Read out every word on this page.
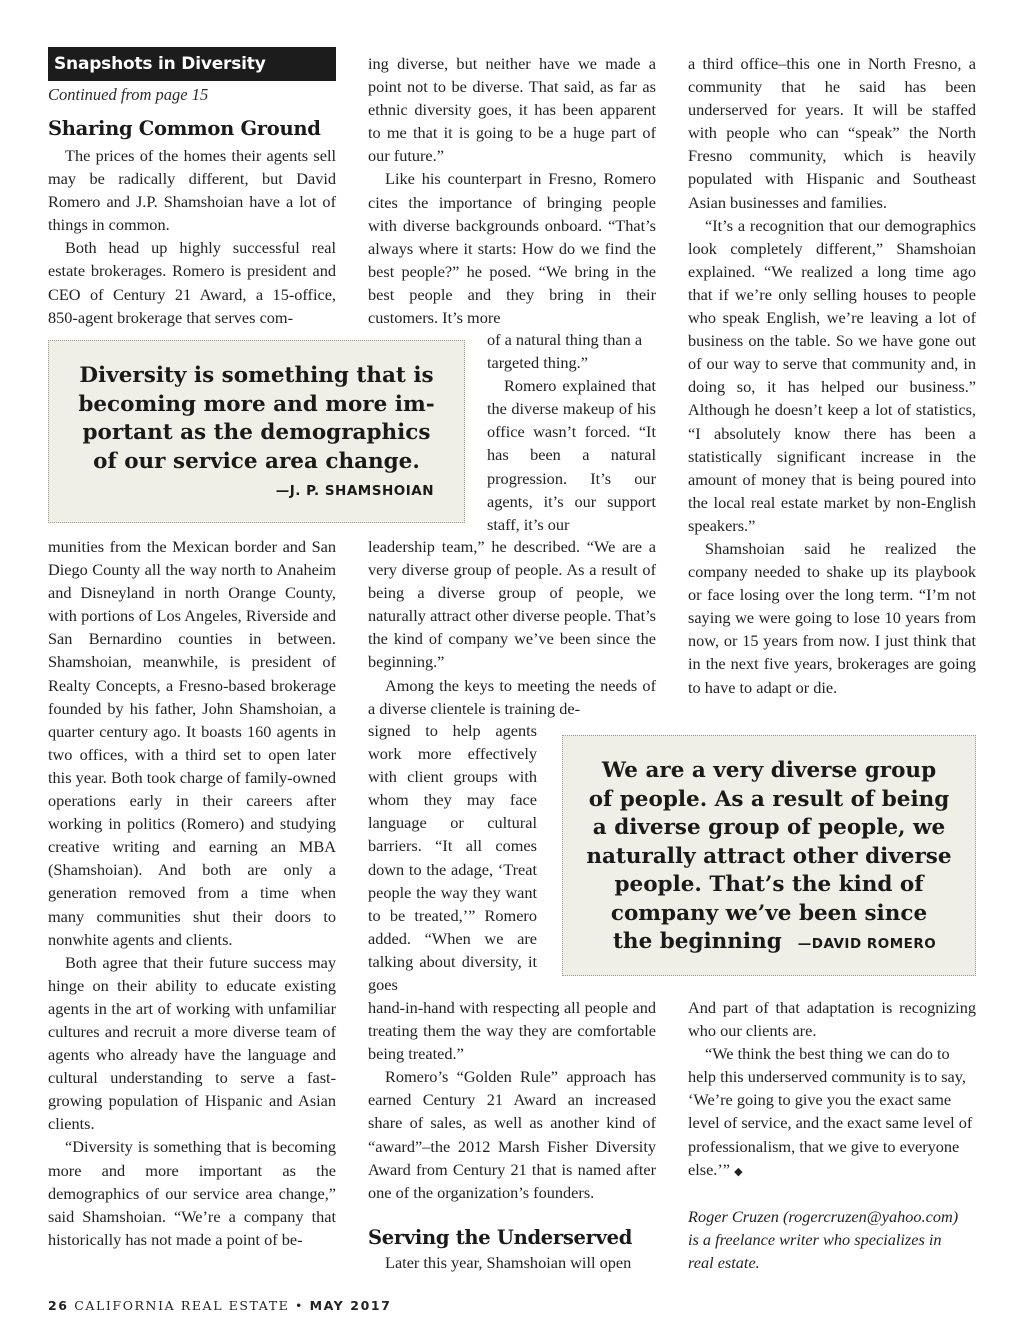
Snapshots in Diversity
Continued from page 15
Sharing Common Ground

The prices of the homes their agents sell may be radically different, but David Romero and J.P. Shamshoian have a lot of things in common.

Both head up highly successful real estate brokerages. Romero is president and CEO of Century 21 Award, a 15-office, 850-agent brokerage that serves com-

ing diverse, but neither have we made a point not to be diverse. That said, as far as ethnic diversity goes, it has been apparent to me that it is going to be a huge part of our future.”

Like his counterpart in Fresno, Romero cites the importance of bringing people with diverse backgrounds onboard. “That’s always where it starts: How do we find the best people?” he posed. “We bring in the best people and they bring in their customers. It’s more

of a natural thing than a targeted thing.”

Romero explained that the diverse makeup of his office wasn’t forced. “It has been a natural progression. It’s our agents, it’s our support staff, it’s our

Diversity is something that is
becoming more and more im-
portant as the demographics
of our service area change.
—J. P. SHAMSHOIAN

munities from the Mexican border and San Diego County all the way north to Anaheim and Disneyland in north Orange County, with portions of Los Angeles, Riverside and San Bernardino counties in between. Shamshoian, meanwhile, is president of Realty Concepts, a Fresno-based brokerage founded by his father, John Shamshoian, a quarter century ago. It boasts 160 agents in two offices, with a third set to open later this year. Both took charge of family-owned operations early in their careers after working in politics (Romero) and studying creative writing and earning an MBA (Shamshoian). And both are only a generation removed from a time when many communities shut their doors to nonwhite agents and clients.

Both agree that their future success may hinge on their ability to educate existing agents in the art of working with unfamiliar cultures and recruit a more diverse team of agents who already have the language and cultural understanding to serve a fast-growing population of Hispanic and Asian clients.

“Diversity is something that is becoming more and more important as the demographics of our service area change,” said Shamshoian. “We’re a company that historically has not made a point of be-

leadership team,” he described. “We are a very diverse group of people. As a result of being a diverse group of people, we naturally attract other diverse people. That’s the kind of company we’ve been since the beginning.”

Among the keys to meeting the needs of a diverse clientele is training de-

signed to help agents work more effectively with client groups with whom they may face language or cultural barriers. “It all comes down to the adage, ‘Treat people the way they want to be treated,’” Romero added. “When we are talking about diversity, it goes

We are a very diverse group
of people. As a result of being
a diverse group of people, we
naturally attract other diverse
people. That’s the kind of
company we’ve been since
the beginning —DAVID ROMERO

hand-in-hand with respecting all people and treating them the way they are comfortable being treated.”

Romero’s “Golden Rule” approach has earned Century 21 Award an increased share of sales, as well as another kind of “award”–the 2012 Marsh Fisher Diversity Award from Century 21 that is named after one of the organization’s founders.

Serving the Underserved

Later this year, Shamshoian will open

a third office–this one in North Fresno, a community that he said has been underserved for years. It will be staffed with people who can “speak” the North Fresno community, which is heavily populated with Hispanic and Southeast Asian businesses and families.

“It’s a recognition that our demographics look completely different,” Shamshoian explained. “We realized a long time ago that if we’re only selling houses to people who speak English, we’re leaving a lot of business on the table. So we have gone out of our way to serve that community and, in doing so, it has helped our business.” Although he doesn’t keep a lot of statistics, “I absolutely know there has been a statistically significant increase in the amount of money that is being poured into the local real estate market by non-English speakers.”

Shamshoian said he realized the company needed to shake up its playbook or face losing over the long term. “I’m not saying we were going to lose 10 years from now, or 15 years from now. I just think that in the next five years, brokerages are going to have to adapt or die.

And part of that adaptation is recognizing who our clients are.

“We think the best thing we can do to help this underserved community is to say, ‘We’re going to give you the exact same level of service, and the exact same level of professionalism, that we give to everyone else.’” ◆

Roger Cruzen (rogercruzen@yahoo.com)
is a freelance writer who specializes in
real estate.
26 CALIFORNIA REAL ESTATE • MAY 2017
